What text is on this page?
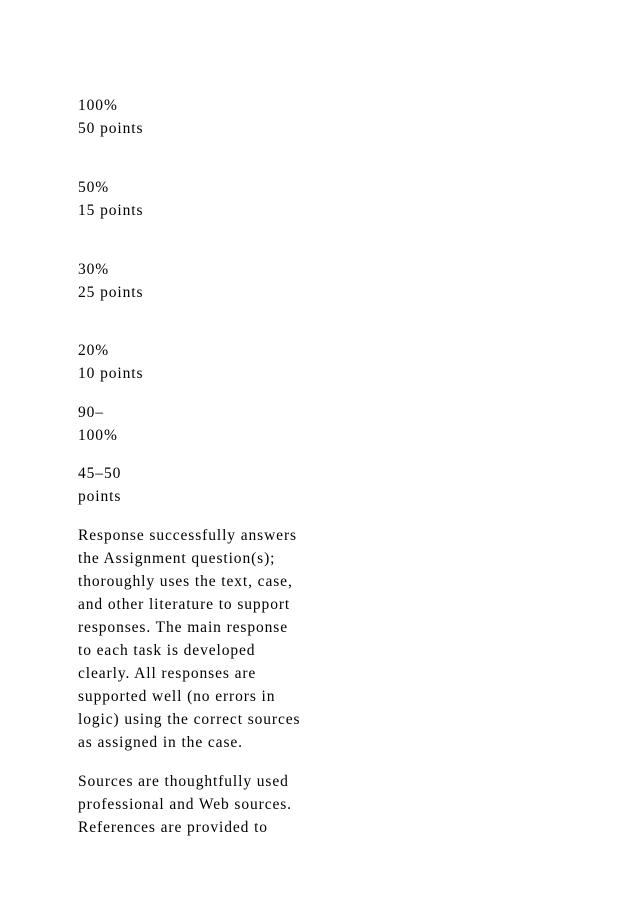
100%

50 points

50%

15 points

30%

25 points

20%

10 points

90–

100%

45–50

points

Response successfully answers

the Assignment question(s);

thoroughly uses the text, case,

and other literature to support

responses. The main response

to each task is developed

clearly. All responses are

supported well (no errors in

logic) using the correct sources

as assigned in the case.

Sources are thoughtfully used

professional and Web sources.

References are provided to
